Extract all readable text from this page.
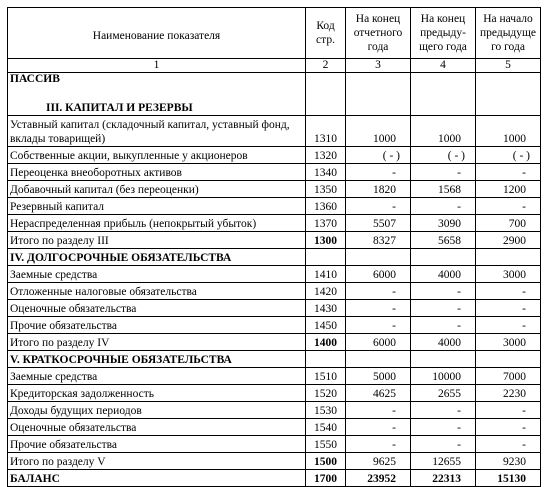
Наименование показателя	Код стр.	На конец отчетного года	На конец предыду-щего года	На начало предыдуще го года
1	2	3	4	5

ПАССИВ
III. КАПИТАЛ И РЕЗЕРВЫ				

Уставный капитал (складочный капитал, уставный фонд, вклады товарищей)	1310	1000	1000	1000
Собственные акции, выкупленные у акционеров	1320	( - )	( - )	( - )
Переоценка внеоборотных активов	1340	-	-	-
Добавочный капитал (без переоценки)	1350	1820	1568	1200
Резервный капитал	1360	-	-	-
Нераспределенная прибыль (непокрытый убыток)	1370	5507	3090	700
Итого по разделу III	1300	8327	5658	2900
IV. ДОЛГОСРОЧНЫЕ ОБЯЗАТЕЛЬСТВА				
Заемные средства	1410	6000	4000	3000
Отложенные налоговые обязательства	1420	-	-	-
Оценочные обязательства	1430	-	-	-
Прочие обязательства	1450	-	-	-
Итого по разделу IV	1400	6000	4000	3000
V. КРАТКОСРОЧНЫЕ ОБЯЗАТЕЛЬСТВА				
Заемные средства	1510	5000	10000	7000
Кредиторская задолженность	1520	4625	2655	2230
Доходы будущих периодов	1530	-	-	-
Оценочные обязательства	1540	-	-	-
Прочие обязательства	1550	-	-	-
Итого по разделу V	1500	9625	12655	9230
БАЛАНС	1700	23952	22313	15130
